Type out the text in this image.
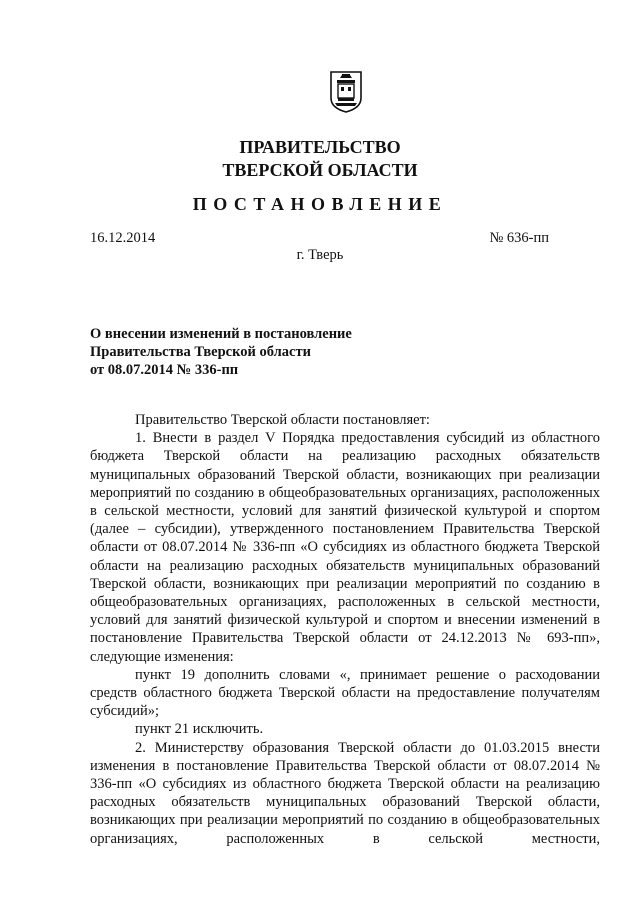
ПРАВИТЕЛЬСТВО
ТВЕРСКОЙ ОБЛАСТИ
ПОСТАНОВЛЕНИЕ
16.12.2014	№ 636-пп
г. Тверь
О внесении изменений в постановление
Правительства Тверской области
от 08.07.2014 № 336-пп

Правительство Тверской области постановляет:

1. Внести в раздел V Порядка предоставления субсидий из областного бюджета Тверской области на реализацию расходных обязательств муниципальных образований Тверской области, возникающих при реализации мероприятий по созданию в общеобразовательных организациях, расположенных в сельской местности, условий для занятий физической культурой и спортом (далее – субсидии), утвержденного постановлением Правительства Тверской области от 08.07.2014 № 336-пп «О субсидиях из областного бюджета Тверской области на реализацию расходных обязательств муниципальных образований Тверской области, возникающих при реализации мероприятий по созданию в общеобразовательных организациях, расположенных в сельской местности, условий для занятий физической культурой и спортом и внесении изменений в постановление Правительства Тверской области от 24.12.2013 № 693-пп», следующие изменения:

пункт 19 дополнить словами «, принимает решение о расходовании средств областного бюджета Тверской области на предоставление получателям субсидий»;

пункт 21 исключить.

2. Министерству образования Тверской области до 01.03.2015 внести изменения в постановление Правительства Тверской области от 08.07.2014 № 336-пп «О субсидиях из областного бюджета Тверской области на реализацию расходных обязательств муниципальных образований Тверской области, возникающих при реализации мероприятий по созданию в общеобразовательных организациях, расположенных в сельской местности,
